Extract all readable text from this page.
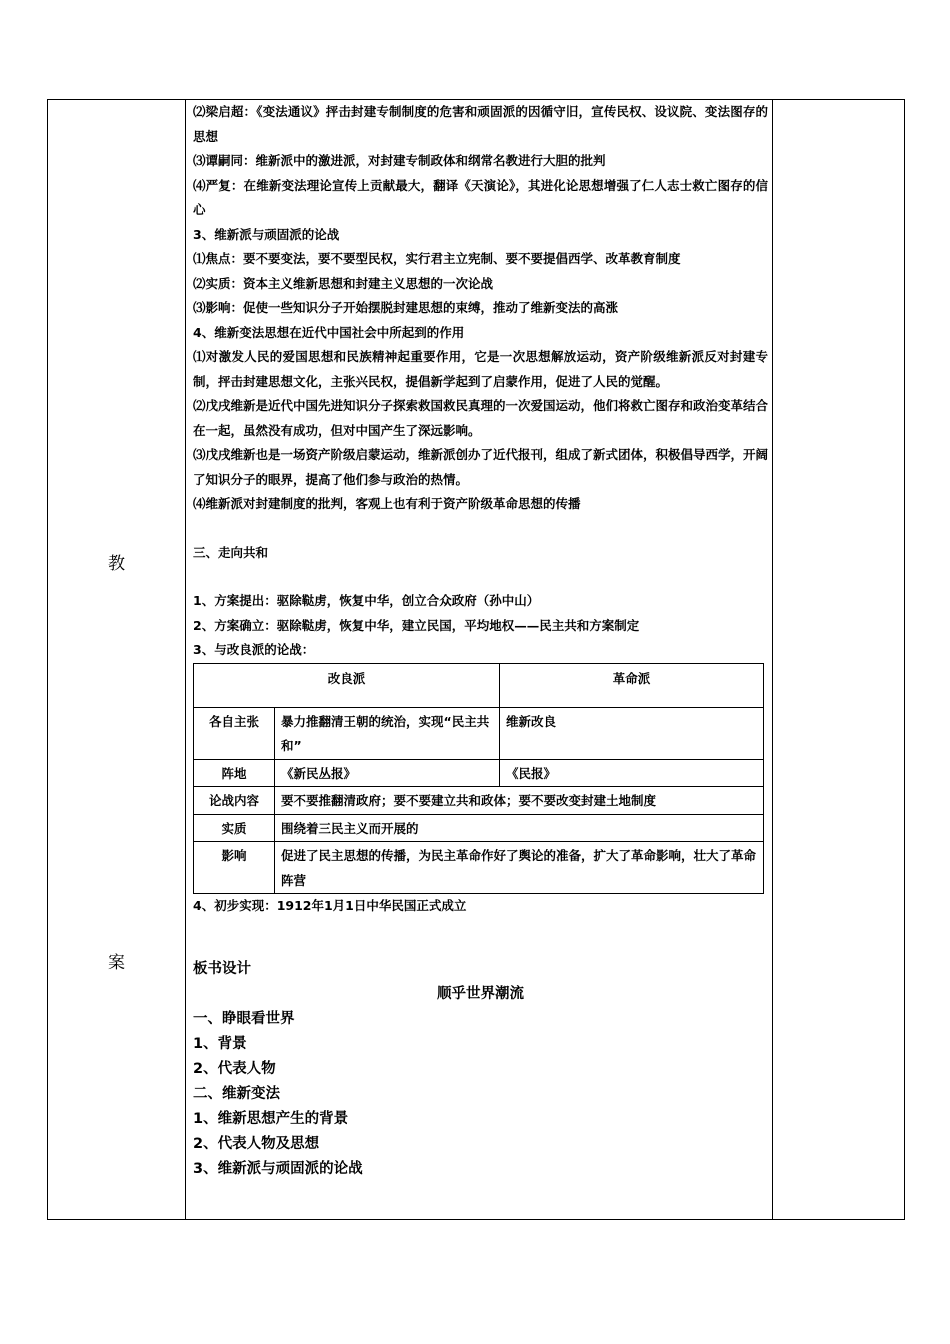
教
案
⑵梁启超：《变法通议》抨击封建专制制度的危害和顽固派的因循守旧，宣传民权、设议院、变法图存的思想
⑶谭嗣同：维新派中的激进派，对封建专制政体和纲常名教进行大胆的批判
⑷严复：在维新变法理论宣传上贡献最大，翻译《天演论》，其进化论思想增强了仁人志士救亡图存的信心
3、维新派与顽固派的论战
⑴焦点：要不要变法，要不要型民权，实行君主立宪制、要不要提倡西学、改革教育制度
⑵实质：资本主义维新思想和封建主义思想的一次论战
⑶影响：促使一些知识分子开始摆脱封建思想的束缚，推动了维新变法的高涨
4、维新变法思想在近代中国社会中所起到的作用
⑴对激发人民的爱国思想和民族精神起重要作用，它是一次思想解放运动，资产阶级维新派反对封建专制，抨击封建思想文化，主张兴民权，提倡新学起到了启蒙作用，促进了人民的觉醒。
⑵戊戌维新是近代中国先进知识分子探索救国救民真理的一次爱国运动，他们将救亡图存和政治变革结合在一起，虽然没有成功，但对中国产生了深远影响。
⑶戊戌维新也是一场资产阶级启蒙运动，维新派创办了近代报刊，组成了新式团体，积极倡导西学，开阔了知识分子的眼界，提高了他们参与政治的热情。
⑷维新派对封建制度的批判，客观上也有利于资产阶级革命思想的传播
三、走向共和
1、方案提出：驱除鞑虏，恢复中华，创立合众政府（孙中山）
2、方案确立：驱除鞑虏，恢复中华，建立民国，平均地权——民主共和方案制定
3、与改良派的论战：
改良派		革命派
各自主张	暴力推翻清王朝的统治，实现“民主共和”	维新改良
阵地	《新民丛报》	《民报》
论战内容	要不要推翻清政府；要不要建立共和政体；要不要改变封建土地制度	
实质	围绕着三民主义而开展的	
影响	促进了民主思想的传播，为民主革命作好了舆论的准备，扩大了革命影响，壮大了革命阵营	
4、初步实现：1912年1月1日中华民国正式成立
板书设计
顺乎世界潮流
一、睁眼看世界
1、背景
2、代表人物
二、维新变法
1、维新思想产生的背景
2、代表人物及思想
3、维新派与顽固派的论战
